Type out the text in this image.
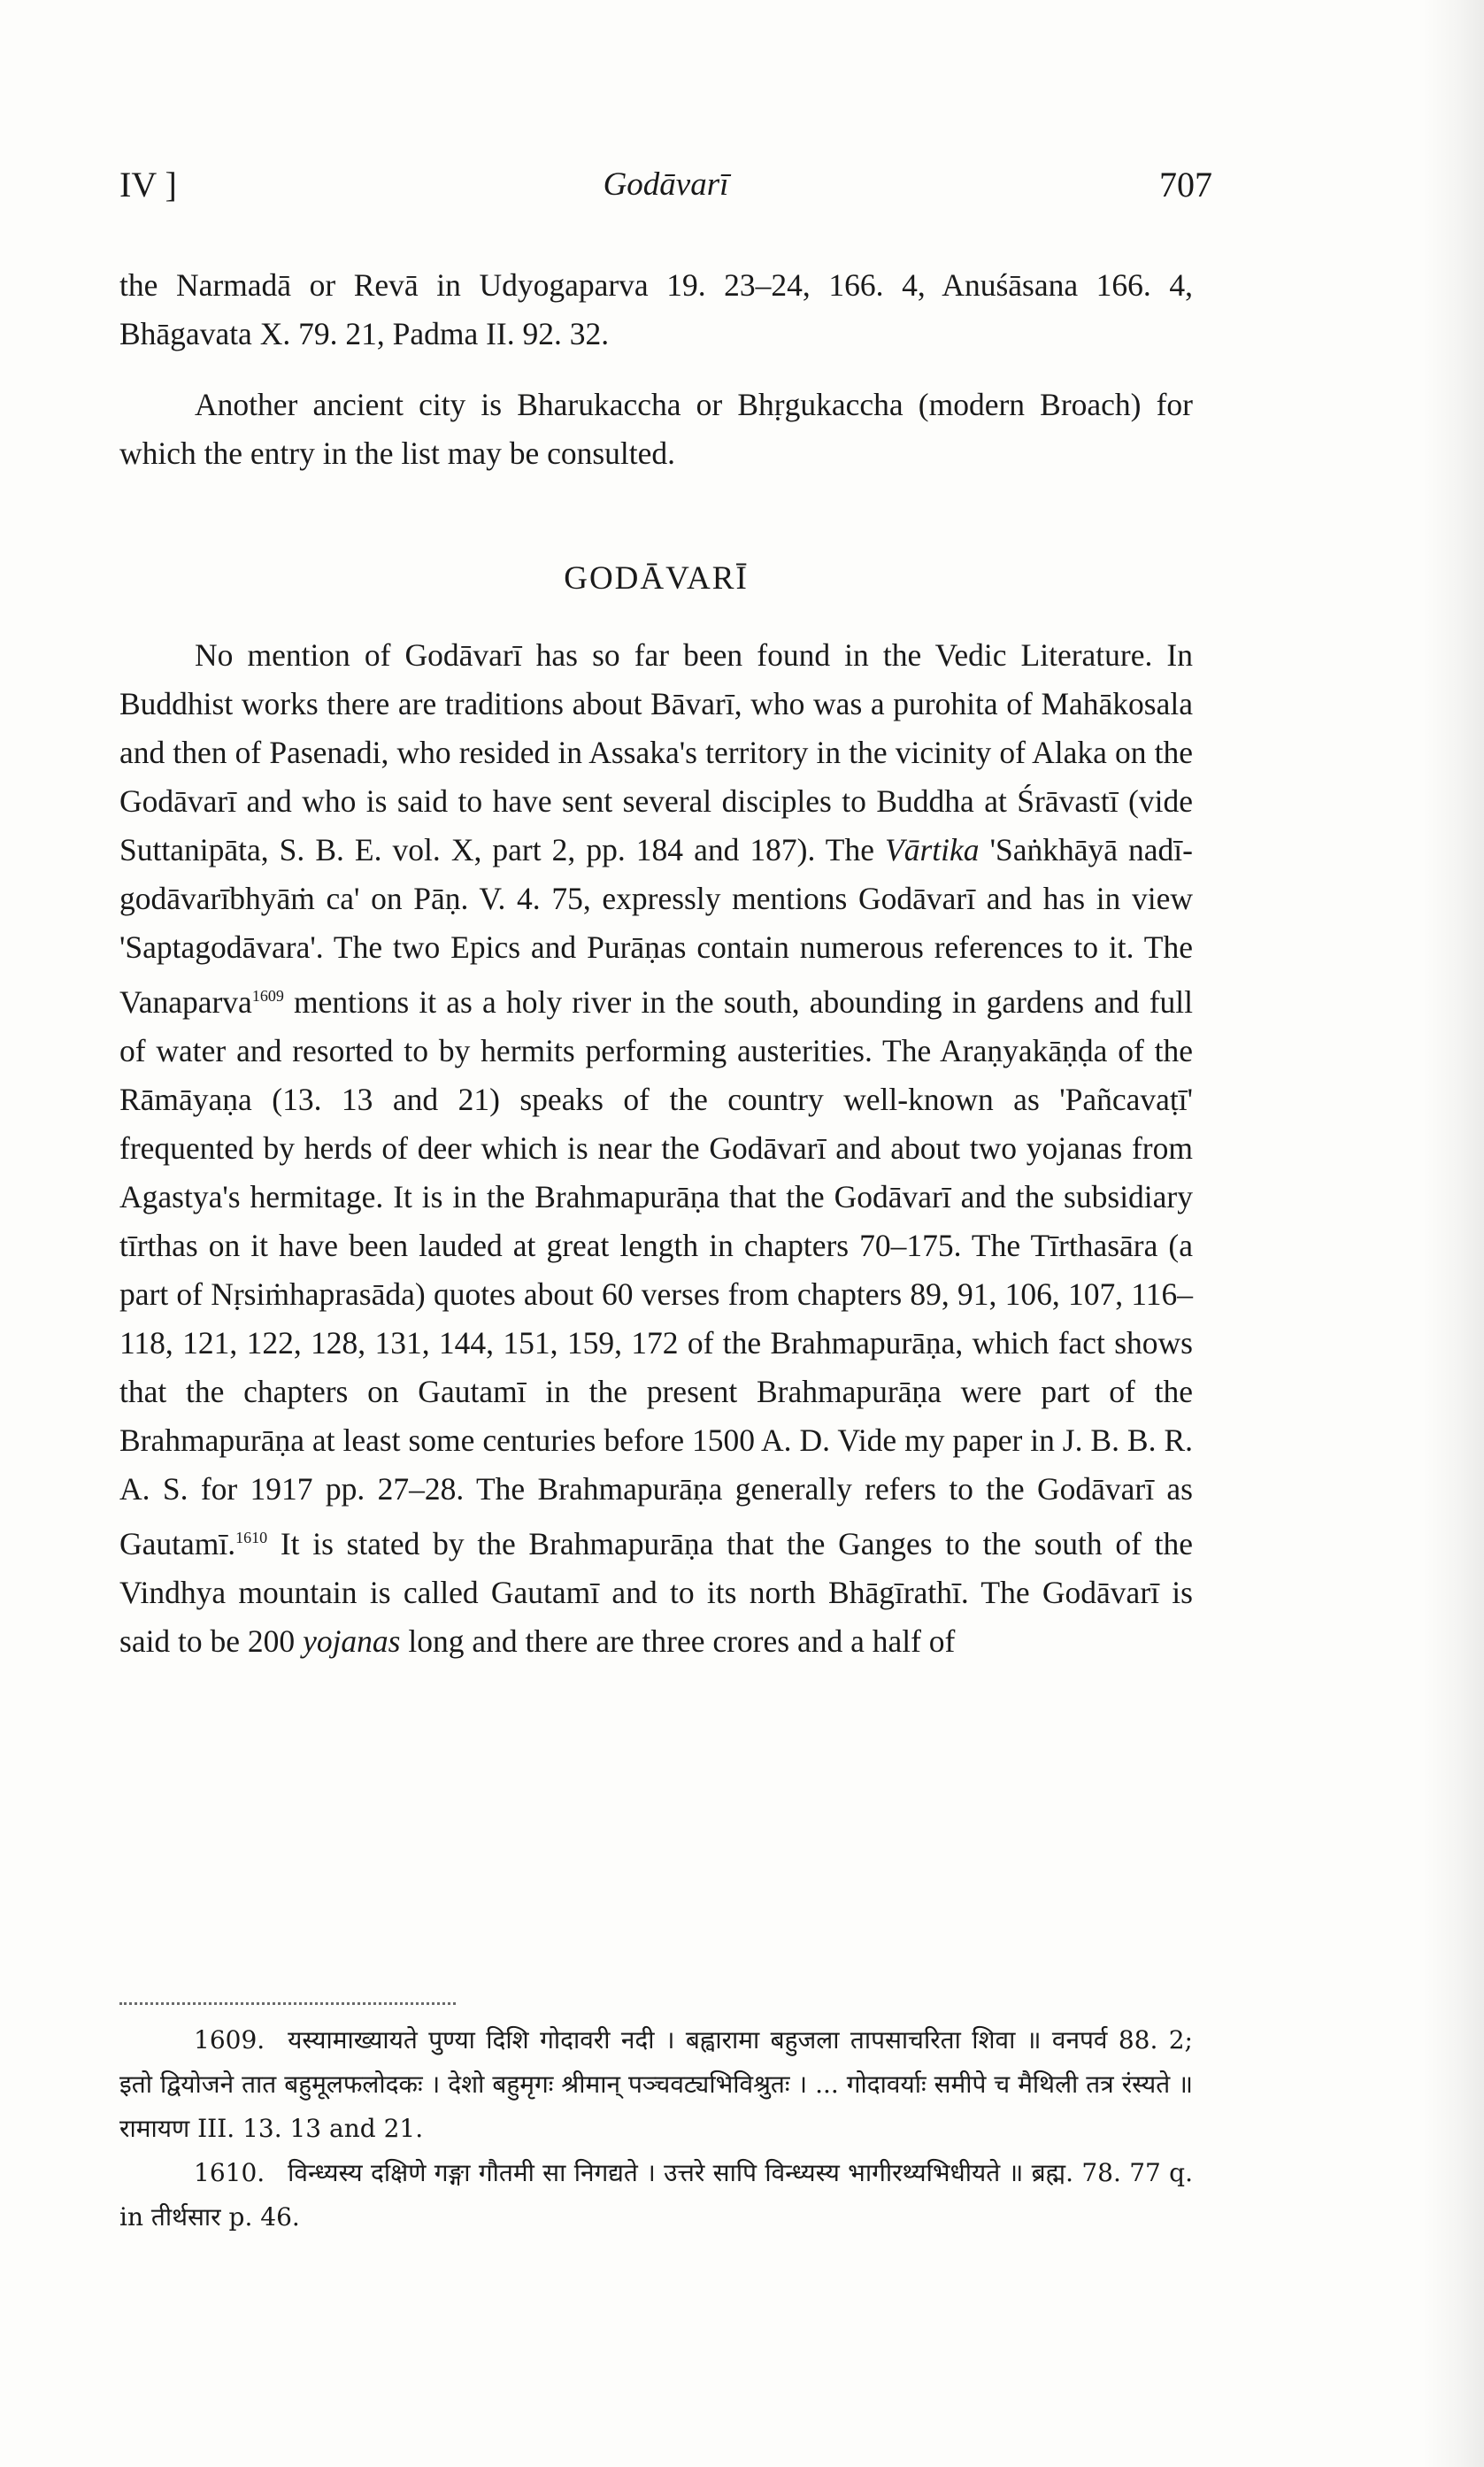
IV ]	Godāvarī	707

the Narmadā or Revā in Udyogaparva 19. 23–24, 166. 4, Anuśāsana 166. 4, Bhāgavata X. 79. 21, Padma II. 92. 32.

Another ancient city is Bharukaccha or Bhṛgukaccha (modern Broach) for which the entry in the list may be consulted.

GODĀVARĪ

No mention of Godāvarī has so far been found in the Vedic Literature. In Buddhist works there are traditions about Bāvarī, who was a purohita of Mahākosala and then of Pasenadi, who resided in Assaka's territory in the vicinity of Alaka on the Godāvarī and who is said to have sent several disciples to Buddha at Śrāvastī (vide Suttanipāta, S. B. E. vol. X, part 2, pp. 184 and 187). The Vārtika 'Saṅkhāyā nadī-godāvarībhyāṁ ca' on Pāṇ. V. 4. 75, expressly mentions Godāvarī and has in view 'Saptagodāvara'. The two Epics and Purāṇas contain numerous references to it. The Vanaparva$^{1609}$ mentions it as a holy river in the south, abounding in gardens and full of water and resorted to by hermits performing austerities. The Araṇyakāṇḍa of the Rāmāyaṇa (13. 13 and 21) speaks of the country well-known as 'Pañcavaṭī' frequented by herds of deer which is near the Godāvarī and about two yojanas from Agastya's hermitage. It is in the Brahmapurāṇa that the Godāvarī and the subsidiary tīrthas on it have been lauded at great length in chapters 70–175. The Tīrthasāra (a part of Nṛsiṁhaprasāda) quotes about 60 verses from chapters 89, 91, 106, 107, 116–118, 121, 122, 128, 131, 144, 151, 159, 172 of the Brahmapurāṇa, which fact shows that the chapters on Gautamī in the present Brahmapurāṇa were part of the Brahmapurāṇa at least some centuries before 1500 A. D. Vide my paper in J. B. B. R. A. S. for 1917 pp. 27–28. The Brahmapurāṇa generally refers to the Godāvarī as Gautamī.$^{1610}$ It is stated by the Brahmapurāṇa that the Ganges to the south of the Vindhya mountain is called Gautamī and to its north Bhāgīrathī. The Godāvarī is said to be 200 yojanas long and there are three crores and a half of

1609. यस्यामाख्यायते पुण्या दिशि गोदावरी नदी । बह्वारामा बहुजला तापसाचरिता शिवा ॥ वनपर्व 88. 2; इतो द्वियोजने तात बहुमूलफलोदकः । देशो बहुमृगः श्रीमान् पञ्चवट्यभिविश्रुतः । ... गोदावर्याः समीपे च मैथिली तत्र रंस्यते ॥ रामायण III. 13. 13 and 21.

1610. विन्ध्यस्य दक्षिणे गङ्गा गौतमी सा निगद्यते । उत्तरे सापि विन्ध्यस्य भागीरथ्यभिधीयते ॥ ब्रह्म. 78. 77 q. in तीर्थसार p. 46.
